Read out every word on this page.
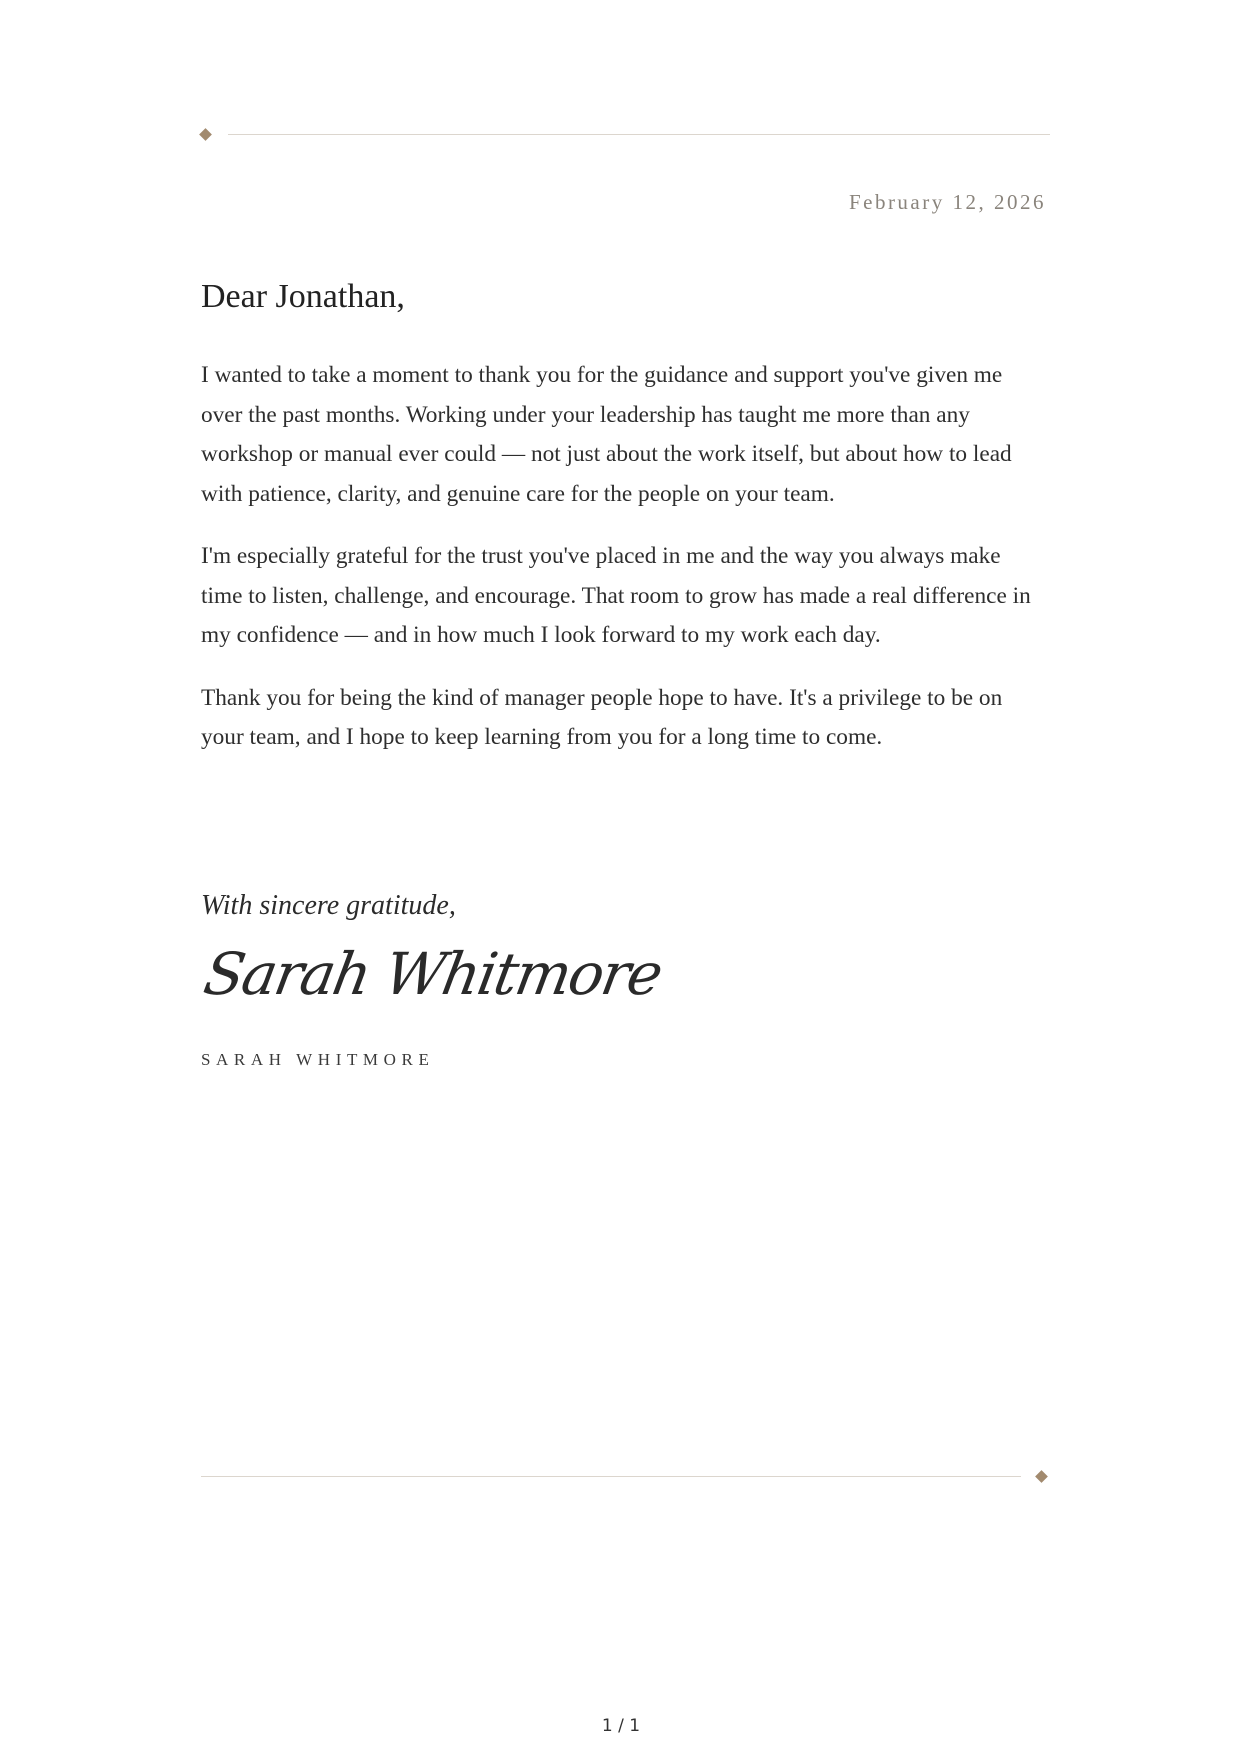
February 12, 2026
Dear Jonathan,

I wanted to take a moment to thank you for the guidance and support you've given me over the past months. Working under your leadership has taught me more than any workshop or manual ever could — not just about the work itself, but about how to lead with patience, clarity, and genuine care for the people on your team.

I'm especially grateful for the trust you've placed in me and the way you always make time to listen, challenge, and encourage. That room to grow has made a real difference in my confidence — and in how much I look forward to my work each day.

Thank you for being the kind of manager people hope to have. It's a privilege to be on your team, and I hope to keep learning from you for a long time to come.

With sincere gratitude,
Sarah Whitmore
SARAH WHITMORE
1 / 1
